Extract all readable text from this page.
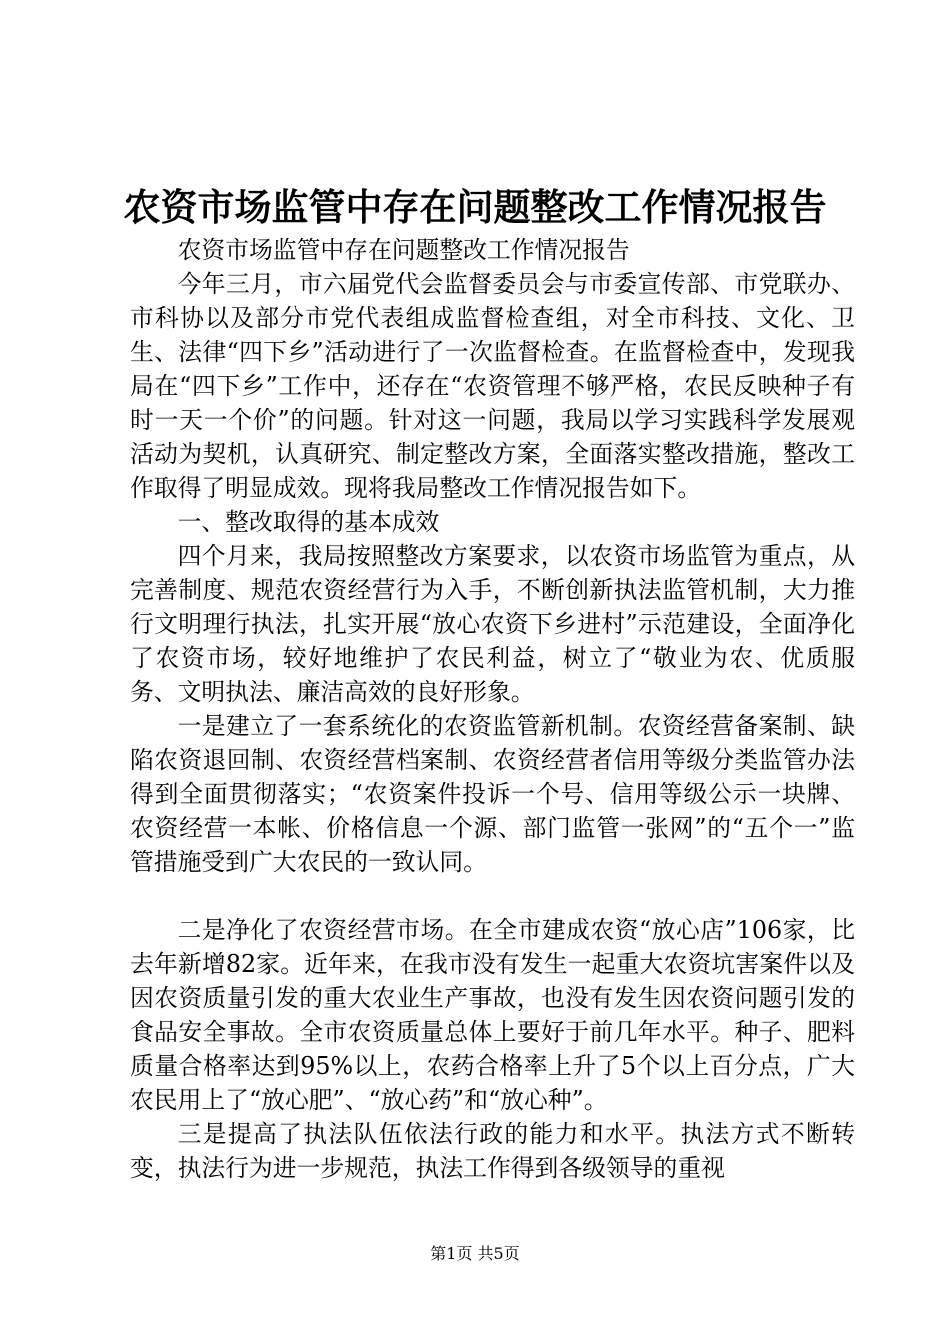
农资市场监管中存在问题整改工作情况报告

农资市场监管中存在问题整改工作情况报告

今年三月，市六届党代会监督委员会与市委宣传部、市党联办、市科协以及部分市党代表组成监督检查组，对全市科技、文化、卫生、法律“四下乡”活动进行了一次监督检查。在监督检查中，发现我局在“四下乡”工作中，还存在“农资管理不够严格，农民反映种子有时一天一个价”的问题。针对这一问题，我局以学习实践科学发展观活动为契机，认真研究、制定整改方案，全面落实整改措施，整改工作取得了明显成效。现将我局整改工作情况报告如下。

一、整改取得的基本成效

四个月来，我局按照整改方案要求，以农资市场监管为重点，从完善制度、规范农资经营行为入手，不断创新执法监管机制，大力推行文明理行执法，扎实开展“放心农资下乡进村”示范建设，全面净化了农资市场，较好地维护了农民利益，树立了“敬业为农、优质服务、文明执法、廉洁高效的良好形象。

一是建立了一套系统化的农资监管新机制。农资经营备案制、缺陷农资退回制、农资经营档案制、农资经营者信用等级分类监管办法得到全面贯彻落实；“农资案件投诉一个号、信用等级公示一块牌、农资经营一本帐、价格信息一个源、部门监管一张网”的“五个一”监管措施受到广大农民的一致认同。

二是净化了农资经营市场。在全市建成农资“放心店”106家，比去年新增82家。近年来，在我市没有发生一起重大农资坑害案件以及因农资质量引发的重大农业生产事故，也没有发生因农资问题引发的食品安全事故。全市农资质量总体上要好于前几年水平。种子、肥料质量合格率达到95%以上，农药合格率上升了5个以上百分点，广大农民用上了“放心肥”、“放心药”和“放心种”。

三是提高了执法队伍依法行政的能力和水平。执法方式不断转变，执法行为进一步规范，执法工作得到各级领导的重视

第1页 共5页
